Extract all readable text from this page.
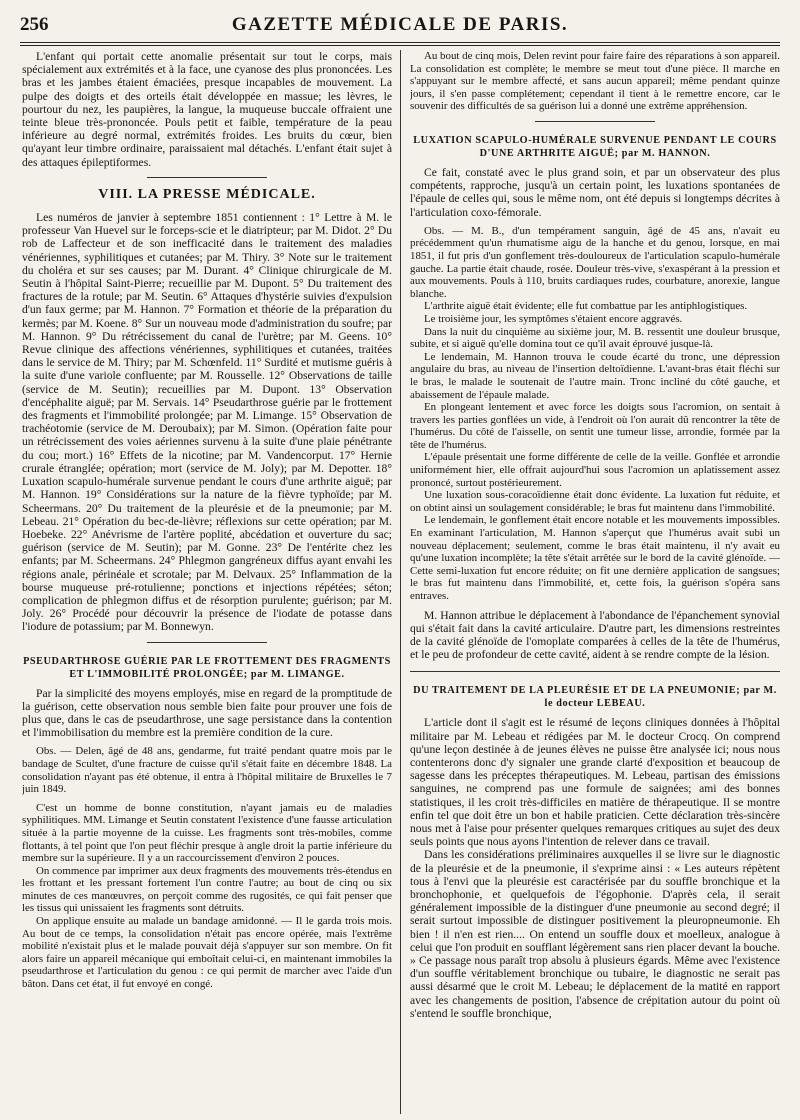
256	GAZETTE MÉDICALE DE PARIS.

L'enfant qui portait cette anomalie présentait sur tout le corps, mais spécialement aux extrémités et à la face, une cyanose des plus prononcées. Les bras et les jambes étaient émaciées, presque incapables de mouvement. La pulpe des doigts et des orteils était développée en massue; les lèvres, le pourtour du nez, les paupières, la langue, la muqueuse buccale offraient une teinte bleue très-prononcée. Pouls petit et faible, température de la peau inférieure au degré normal, extrémités froides. Les bruits du cœur, bien qu'ayant leur timbre ordinaire, paraissaient mal détachés. L'enfant était sujet à des attaques épileptiformes.

VIII. LA PRESSE MÉDICALE.

Les numéros de janvier à septembre 1851 contiennent : 1° Lettre à M. le professeur Van Huevel sur le forceps-scie et le diatripteur; par M. Didot. 2° Du rob de Laffecteur et de son inefficacité dans le traitement des maladies vénériennes, syphilitiques et cutanées; par M. Thiry. 3° Note sur le traitement du choléra et sur ses causes; par M. Durant. 4° Clinique chirurgicale de M. Seutin à l'hôpital Saint-Pierre; recueillie par M. Dupont. 5° Du traitement des fractures de la rotule; par M. Seutin. 6° Attaques d'hystérie suivies d'expulsion d'un faux germe; par M. Hannon. 7° Formation et théorie de la préparation du kermès; par M. Koene. 8° Sur un nouveau mode d'administration du soufre; par M. Hannon. 9° Du rétrécissement du canal de l'urètre; par M. Geens. 10° Revue clinique des affections vénériennes, syphilitiques et cutanées, traitées dans le service de M. Thiry; par M. Schœnfeld. 11° Surdité et mutisme guéris à la suite d'une variole confluente; par M. Rousselle. 12° Observations de taille (service de M. Seutin); recueillies par M. Dupont. 13° Observation d'encéphalite aiguë; par M. Servais. 14° Pseudarthrose guérie par le frottement des fragments et l'immobilité prolongée; par M. Limange. 15° Observation de trachéotomie (service de M. Deroubaix); par M. Simon. (Opération faite pour un rétrécissement des voies aériennes survenu à la suite d'une plaie pénétrante du cou; mort.) 16° Effets de la nicotine; par M. Vandencorput. 17° Hernie crurale étranglée; opération; mort (service de M. Joly); par M. Depotter. 18° Luxation scapulo-humérale survenue pendant le cours d'une arthrite aiguë; par M. Hannon. 19° Considérations sur la nature de la fièvre typhoïde; par M. Scheermans. 20° Du traitement de la pleurésie et de la pneumonie; par M. Lebeau. 21° Opération du bec-de-lièvre; réflexions sur cette opération; par M. Hoebeke. 22° Anévrisme de l'artère poplité, abcédation et ouverture du sac; guérison (service de M. Seutin); par M. Gonne. 23° De l'entérite chez les enfants; par M. Scheermans. 24° Phlegmon gangréneux diffus ayant envahi les régions anale, périnéale et scrotale; par M. Delvaux. 25° Inflammation de la bourse muqueuse pré-rotulienne; ponctions et injections répétées; séton; complication de phlegmon diffus et de résorption purulente; guérison; par M. Joly. 26° Procédé pour découvrir la présence de l'iodate de potasse dans l'iodure de potassium; par M. Bonnewyn.

PSEUDARTHROSE GUÉRIE PAR LE FROTTEMENT DES FRAGMENTS ET L'IMMOBILITÉ PROLONGÉE; par M. LIMANGE.

Par la simplicité des moyens employés, mise en regard de la promptitude de la guérison, cette observation nous semble bien faite pour prouver une fois de plus que, dans le cas de pseudarthrose, une sage persistance dans la contention et l'immobilisation du membre est la première condition de la cure.

Obs. — Delen, âgé de 48 ans, gendarme, fut traité pendant quatre mois par le bandage de Scultet, d'une fracture de cuisse qu'il s'était faite en décembre 1848. La consolidation n'ayant pas été obtenue, il entra à l'hôpital militaire de Bruxelles le 7 juin 1849.

C'est un homme de bonne constitution, n'ayant jamais eu de maladies syphilitiques. MM. Limange et Seutin constatent l'existence d'une fausse articulation située à la partie moyenne de la cuisse. Les fragments sont très-mobiles, comme flottants, à tel point que l'on peut fléchir presque à angle droit la partie inférieure du membre sur la supérieure. Il y a un raccourcissement d'environ 2 pouces.

On commence par imprimer aux deux fragments des mouvements très-étendus en les frottant et les pressant fortement l'un contre l'autre; au bout de cinq ou six minutes de ces manœuvres, on perçoit comme des rugosités, ce qui fait penser que les tissus qui unissaient les fragments sont détruits.

On applique ensuite au malade un bandage amidonné. — Il le garda trois mois. Au bout de ce temps, la consolidation n'était pas encore opérée, mais l'extrême mobilité n'existait plus et le malade pouvait déjà s'appuyer sur son membre. On fit alors faire un appareil mécanique qui emboîtait celui-ci, en maintenant immobiles la pseudarthrose et l'articulation du genou : ce qui permit de marcher avec l'aide d'un bâton. Dans cet état, il fut envoyé en congé.

Au bout de cinq mois, Delen revint pour faire faire des réparations à son appareil. La consolidation est complète; le membre se meut tout d'une pièce. Il marche en s'appuyant sur le membre affecté, et sans aucun appareil; même pendant quinze jours, il s'en passe complétement; cependant il tient à le remettre encore, car le souvenir des difficultés de sa guérison lui a donné une extrême appréhension.

LUXATION SCAPULO-HUMÉRALE SURVENUE PENDANT LE COURS D'UNE ARTHRITE AIGUË; par M. HANNON.

Ce fait, constaté avec le plus grand soin, et par un observateur des plus compétents, rapproche, jusqu'à un certain point, les luxations spontanées de l'épaule de celles qui, sous le même nom, ont été depuis si longtemps décrites à l'articulation coxo-fémorale.

Obs. — M. B., d'un tempérament sanguin, âgé de 45 ans, n'avait eu précédemment qu'un rhumatisme aigu de la hanche et du genou, lorsque, en mai 1851, il fut pris d'un gonflement très-douloureux de l'articulation scapulo-humérale gauche. La partie était chaude, rosée. Douleur très-vive, s'exaspérant à la pression et aux mouvements. Pouls à 110, bruits cardiaques rudes, courbature, anorexie, langue blanche.

L'arthrite aiguë était évidente; elle fut combattue par les antiphlogistiques.

Le troisième jour, les symptômes s'étaient encore aggravés.

Dans la nuit du cinquième au sixième jour, M. B. ressentit une douleur brusque, subite, et si aiguë qu'elle domina tout ce qu'il avait éprouvé jusque-là.

Le lendemain, M. Hannon trouva le coude écarté du tronc, une dépression angulaire du bras, au niveau de l'insertion deltoïdienne. L'avant-bras était fléchi sur le bras, le malade le soutenait de l'autre main. Tronc incliné du côté gauche, et abaissement de l'épaule malade.

En plongeant lentement et avec force les doigts sous l'acromion, on sentait à travers les parties gonflées un vide, à l'endroit où l'on aurait dû rencontrer la tête de l'humérus. Du côté de l'aisselle, on sentit une tumeur lisse, arrondie, formée par la tête de l'humérus.

L'épaule présentait une forme différente de celle de la veille. Gonflée et arrondie uniformément hier, elle offrait aujourd'hui sous l'acromion un aplatissement assez prononcé, surtout postérieurement.

Une luxation sous-coracoïdienne était donc évidente. La luxation fut réduite, et on obtint ainsi un soulagement considérable; le bras fut maintenu dans l'immobilité.

Le lendemain, le gonflement était encore notable et les mouvements impossibles. En examinant l'articulation, M. Hannon s'aperçut que l'humérus avait subi un nouveau déplacement; seulement, comme le bras était maintenu, il n'y avait eu qu'une luxation incomplète; la tête s'était arrêtée sur le bord de la cavité glénoïde. — Cette semi-luxation fut encore réduite; on fit une dernière application de sangsues; le bras fut maintenu dans l'immobilité, et, cette fois, la guérison s'opéra sans entraves.

M. Hannon attribue le déplacement à l'abondance de l'épanchement synovial qui s'était fait dans la cavité articulaire. D'autre part, les dimensions restreintes de la cavité glénoïde de l'omoplate comparées à celles de la tête de l'humérus, et le peu de profondeur de cette cavité, aident à se rendre compte de la lésion.

DU TRAITEMENT DE LA PLEURÉSIE ET DE LA PNEUMONIE; par M. le docteur LEBEAU.

L'article dont il s'agit est le résumé de leçons cliniques données à l'hôpital militaire par M. Lebeau et rédigées par M. le docteur Crocq. On comprend qu'une leçon destinée à de jeunes élèves ne puisse être analysée ici; nous nous contenterons donc d'y signaler une grande clarté d'exposition et beaucoup de sagesse dans les préceptes thérapeutiques. M. Lebeau, partisan des émissions sanguines, ne comprend pas une formule de saignées; ami des bonnes statistiques, il les croit très-difficiles en matière de thérapeutique. Il se montre enfin tel que doit être un bon et habile praticien. Cette déclaration très-sincère nous met à l'aise pour présenter quelques remarques critiques au sujet des deux seuls points que nous ayons l'intention de relever dans ce travail.

Dans les considérations préliminaires auxquelles il se livre sur le diagnostic de la pleurésie et de la pneumonie, il s'exprime ainsi : « Les auteurs répètent tous à l'envi que la pleurésie est caractérisée par du souffle bronchique et la bronchophonie, et quelquefois de l'égophonie. D'après cela, il serait généralement impossible de la distinguer d'une pneumonie au second degré; il serait surtout impossible de distinguer positivement la pleuropneumonie. Eh bien ! il n'en est rien.... On entend un souffle doux et moelleux, analogue à celui que l'on produit en soufflant légèrement sans rien placer devant la bouche. » Ce passage nous paraît trop absolu à plusieurs égards. Même avec l'existence d'un souffle véritablement bronchique ou tubaire, le diagnostic ne serait pas aussi désarmé que le croit M. Lebeau; le déplacement de la matité en rapport avec les changements de position, l'absence de crépitation autour du point où s'entend le souffle bronchique,
